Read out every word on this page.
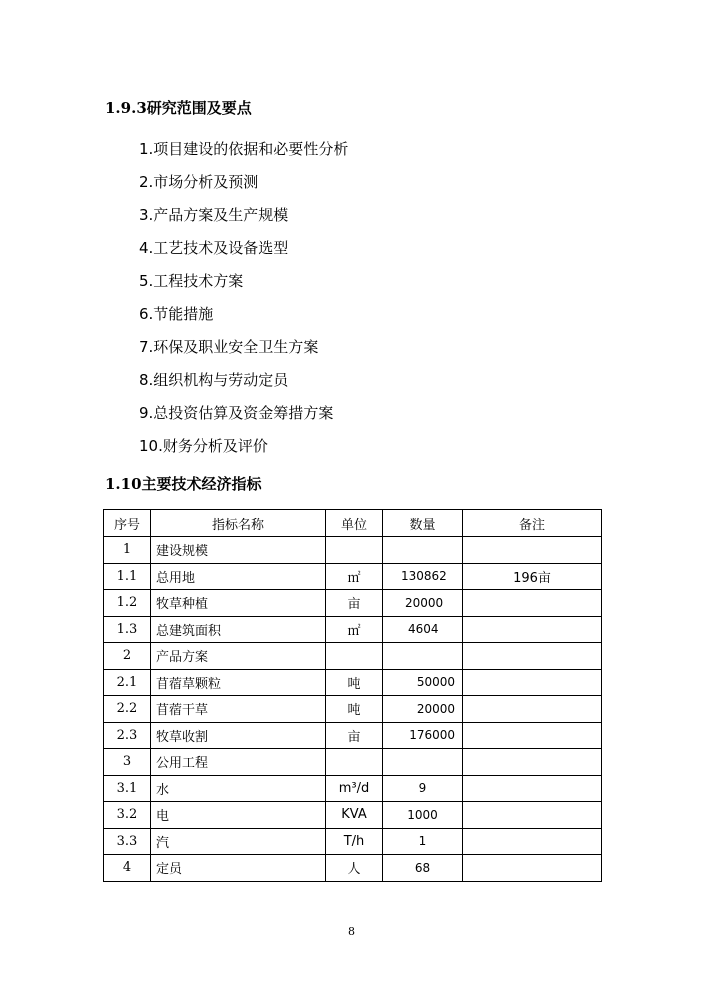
1.9.3研究范围及要点
1.项目建设的依据和必要性分析
2.市场分析及预测
3.产品方案及生产规模
4.工艺技术及设备选型
5.工程技术方案
6.节能措施
7.环保及职业安全卫生方案
8.组织机构与劳动定员
9.总投资估算及资金筹措方案
10.财务分析及评价
1.10主要技术经济指标
序号	指标名称	单位	数量	备注
1	建设规模			
1.1	总用地	㎡	130862	196亩
1.2	牧草种植	亩	20000	
1.3	总建筑面积	㎡	4604	
2	产品方案			
2.1	苜蓿草颗粒	吨	50000	
2.2	苜蓿干草	吨	20000	
2.3	牧草收割	亩	176000	
3	公用工程			
3.1	水	m³/d	9	
3.2	电	KVA	1000	
3.3	汽	T/h	1	
4	定员	人	68	
8
